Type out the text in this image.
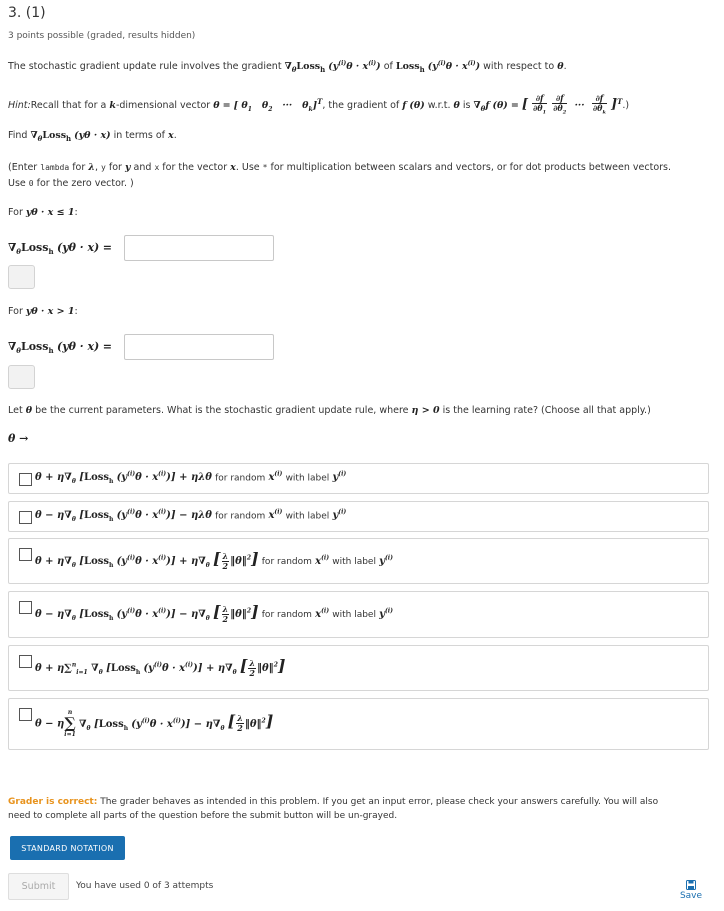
3. (1)
3 points possible (graded, results hidden)
The stochastic gradient update rule involves the gradient $\nabla_\theta Loss_h$ $(y^{(i)}\theta \cdot x^{(i)})$ of Loss$_h$ $(y^{(i)}\theta \cdot x^{(i)})$ with respect to θ.
Hint:Recall that for a k-dimensional vector θ = [ $\theta_1$   $\theta_2$   ···   $\theta_k]^T$, the gradient of f (θ) w.r.t. θ is $\nabla_\theta f$ (θ) = [ $\frac{\partial f}{\partial\theta_1}$
$\frac{\partial f}{\partial\theta_2}$ ··· $\frac{\partial f}{\partial\theta_k} ]^T$.)
Find $\nabla_\theta Loss_h$ (yθ · x) in terms of x.
(Enter lambda for λ, y for y and x for the vector x. Use * for multiplication between scalars and vectors, or for dot products between vectors.
Use 0 for the zero vector. )
For yθ · x ≤ 1:
$\nabla_\theta Loss_h$ (yθ · x) =
For yθ · x > 1:
$\nabla_\theta Loss_h$ (yθ · x) =
Let θ be the current parameters. What is the stochastic gradient update rule, where η > 0 is the learning rate? (Choose all that apply.)
θ →
$\theta + \eta\nabla_\theta$ [Loss$_h$ $(y^{(i)}\theta \cdot x^{(i)})] + \eta\lambda\theta$ for random $x^{(i)}$ with label $y^{(i)}$
$\theta - \eta\nabla_\theta$ [Loss$_h$ $(y^{(i)}\theta \cdot x^{(i)})] - \eta\lambda\theta$ for random $x^{(i)}$ with label $y^{(i)}$
$\theta + \eta\nabla_\theta$ [Loss$_h$ $(y^{(i)}\theta \cdot x^{(i)})] + \eta\nabla_\theta$ [ $\frac{\lambda}{2}$ ‖θ‖$^2$] for random $x^{(i)}$ with label $y^{(i)}$
$\theta - \eta\nabla_\theta$ [Loss$_h$ $(y^{(i)}\theta \cdot x^{(i)})] - \eta\nabla_\theta$ [ $\frac{\lambda}{2}$ ‖θ‖$^2$] for random $x^{(i)}$ with label $y^{(i)}$
θ + η∑$^n_{i=1}$ $\nabla_\theta$ [Loss$_h$ $(y^{(i)}\theta \cdot x^{(i)})] + \eta\nabla_\theta$ [ $\frac{\lambda}{2}$ ‖θ‖$^2$]
θ − ηn
∑
i=1 $\nabla_\theta$ [Loss$_h$ $(y^{(i)}\theta \cdot x^{(i)})] - \eta\nabla_\theta$ [ $\frac{\lambda}{2}$ ‖θ‖$^2$]
Grader is correct: The grader behaves as intended in this problem. If you get an input error, please check your answers carefully. You will also
need to complete all parts of the question before the submit button will be un-grayed.
STANDARD NOTATION
Submit	You have used 0 of 3 attempts
Save
